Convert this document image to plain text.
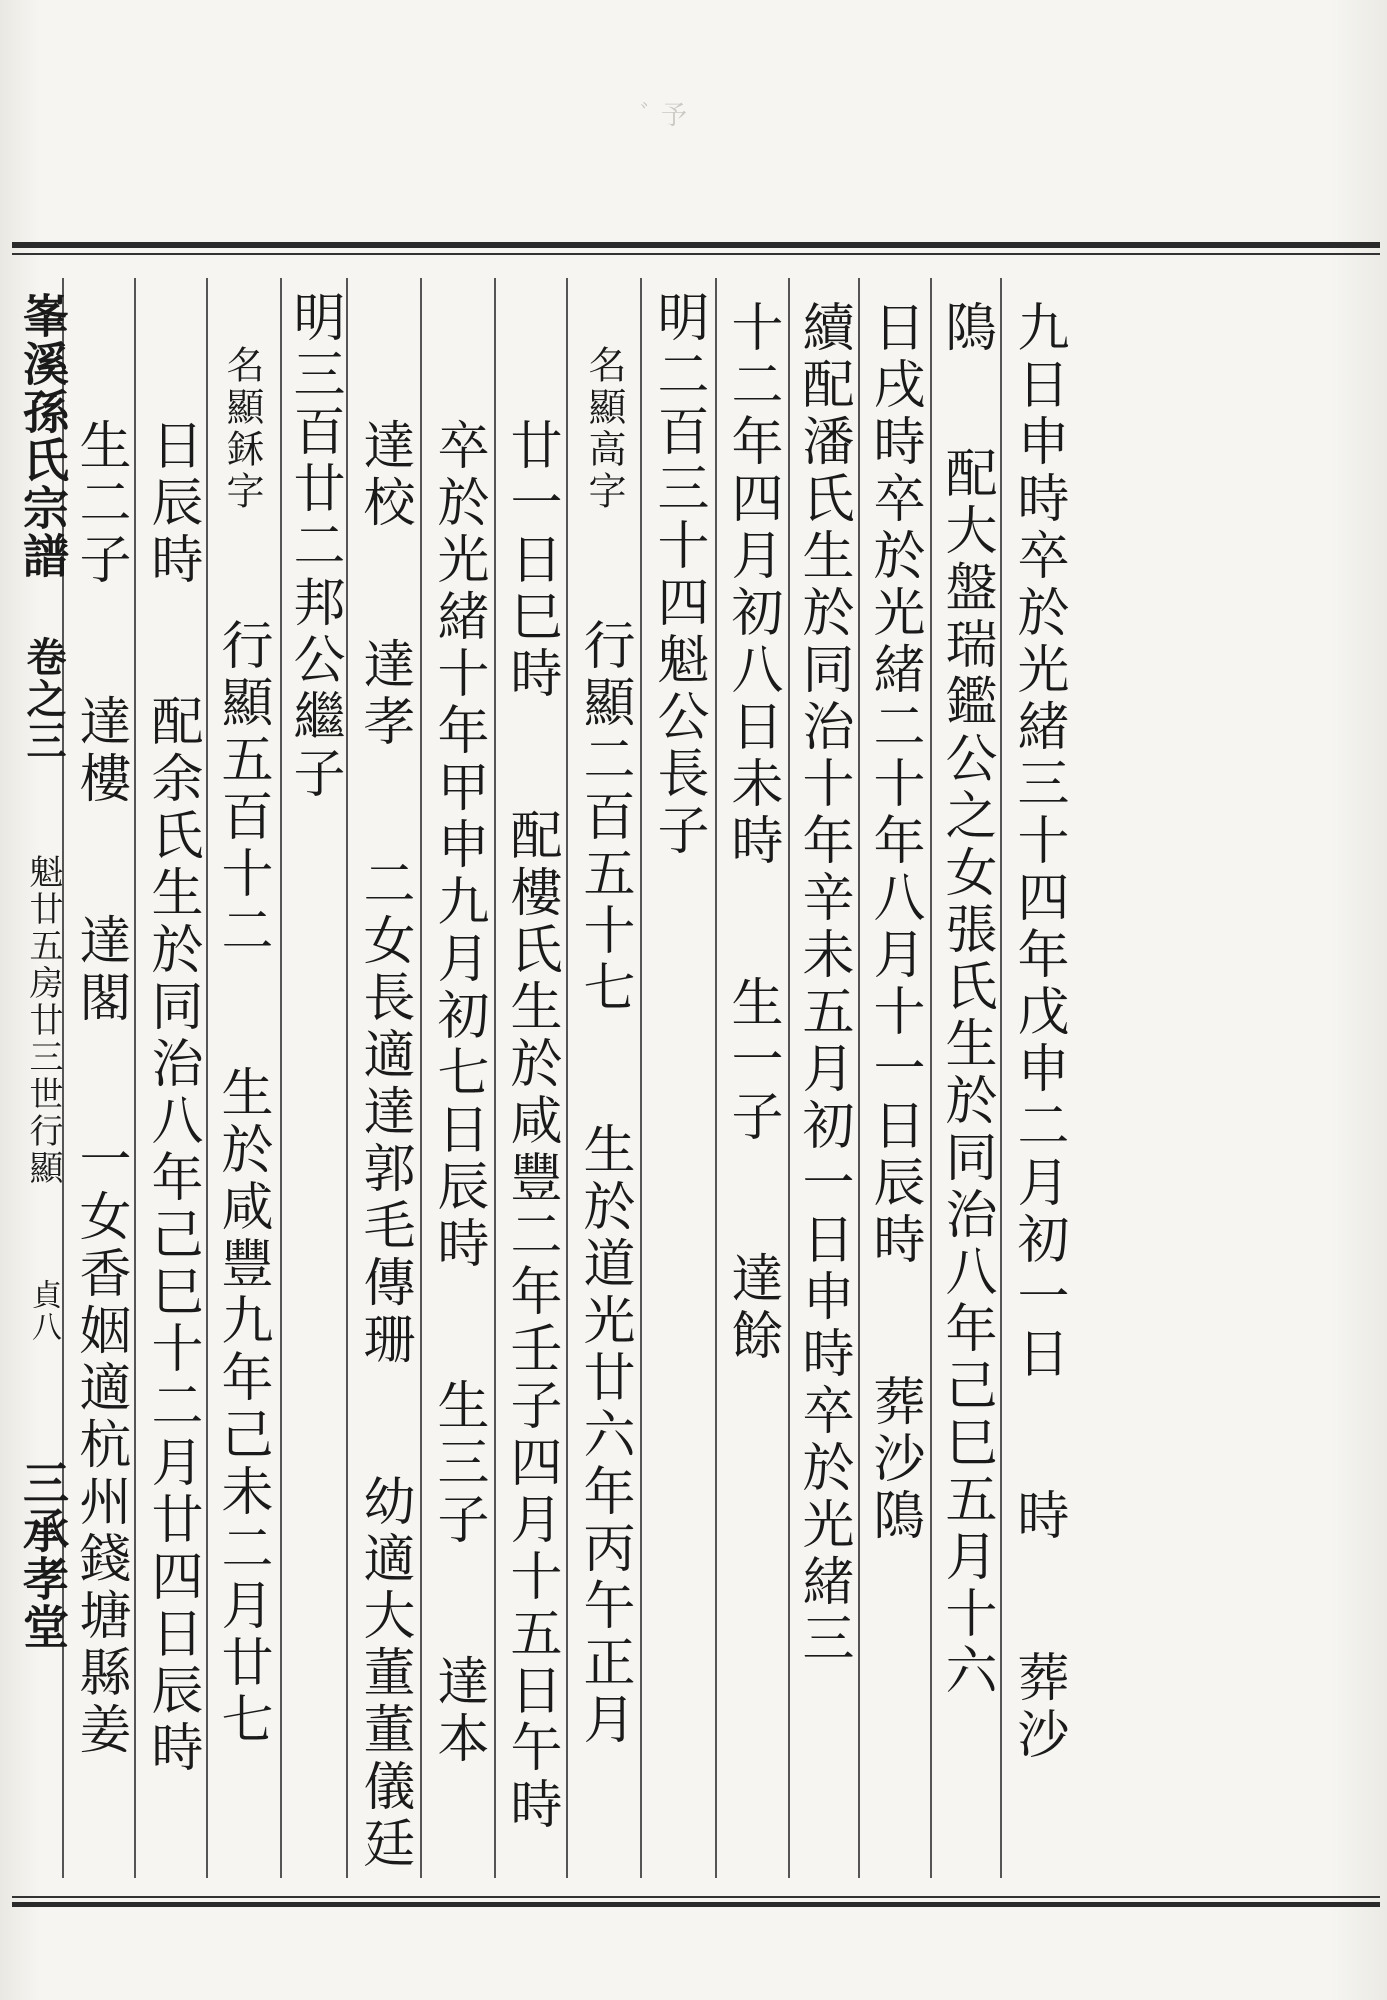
ﾞ予
九日申時卒於光緒三十四年戊申二月初一日 時 葬沙
隝 配大盤瑞鑑公之女張氏生於同治八年己巳五月十六
日戌時卒於光緒二十年八月十一日辰時 葬沙隝
續配潘氏生於同治十年辛未五月初一日申時卒於光緒三
十二年四月初八日未時 生一子 達餘
明二百三十四魁公長子
名顯高字 行顯二百五十七 生於道光廿六年丙午正月
廿一日巳時 配樓氏生於咸豐二年壬子四月十五日午時
卒於光緒十年甲申九月初七日辰時 生三子 達本
達校 達孝 二女長適達郭毛傳珊 幼適大董董儀廷
明三百廿二邦公繼子
名顯鉌字 行顯五百十二 生於咸豐九年己未二月廿七
日辰時 配余氏生於同治八年己巳十二月廿四日辰時
生二子 達樓 達閣 一女香姻適杭州錢塘縣姜
峯溪孫氏宗譜 卷之三 魁廿五房廿三世行顯 貞八 三承孝堂
